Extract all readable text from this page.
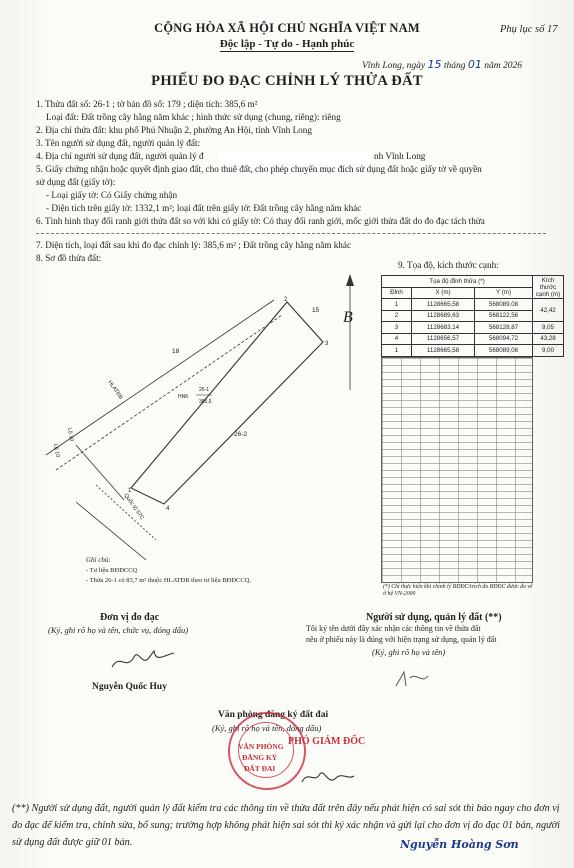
Phụ lục số 17
CỘNG HÒA XÃ HỘI CHỦ NGHĨA VIỆT NAM
Độc lập - Tự do - Hạnh phúc
Vĩnh Long, ngày 15 tháng 01 năm 2026
PHIẾU ĐO ĐẠC CHỈNH LÝ THỬA ĐẤT
1. Thửa đất số: 26-1 ; tờ bản đồ số: 179 ; diện tích: 385,6 m²
Loại đất: Đất trồng cây hằng năm khác ; hình thức sử dụng (chung, riêng): riêng
2. Địa chỉ thửa đất: khu phố Phú Nhuận 2, phường An Hội, tỉnh Vĩnh Long
3. Tên người sử dụng đất, người quản lý đất:
4. Địa chỉ người sử dụng đất, người quản lý đ	nh Vĩnh Long
5. Giấy chứng nhận hoặc quyết định giao đất, cho thuê đất, cho phép chuyển mục đích sử dụng đất hoặc giấy tờ về quyền
sử dụng đất (giấy tờ):
- Loại giấy tờ: Có Giấy chứng nhận
- Diện tích trên giấy tờ: 1332,1 m²; loại đất trên giấy tờ: Đất trồng cây hằng năm khác
6. Tình hình thay đổi ranh giới thửa đất so với khi có giấy tờ: Có thay đổi ranh giới, mốc giới thửa đất do đo đạc tách thửa
7. Diện tích, loại đất sau khi đo đạc chỉnh lý: 385,6 m² ; Đất trồng cây hằng năm khác
8. Sơ đồ thửa đất:
9. Tọa độ, kích thước cạnh:
B
18
15
26-2
HNK
26-1
385,6
2
3
1
4
HLATĐB
Lộ 10
Lộ 10
Quốc lộ 57C
Tọa độ đỉnh thửa (*)			Kích thước cạnh (m)
Đỉnh	X (m)	Y (m)	
1	1128665,58	568089,08	42,42
2	1128689,63	568122,56	
3	1128683,14	568128,87	9,05
4	1128656,57	568094,72	43,28
1	1128665,58	568089,08	9,00
(*) Chỉ thực hiện khi chỉnh lý BĐĐC/trích đo BĐĐC được đo vẽ ở hệ VN-2000
Ghi chú:
- Tư liệu BĐĐCCQ
- Thửa 26-1 có 83,7 m² thuộc HLATĐB theo tư liệu BĐĐCCQ.
Đơn vị đo đạc
(Ký, ghi rõ họ và tên, chức vụ, đóng dấu)
Nguyễn Quốc Huy
Người sử dụng, quản lý đất (**)
Tôi ký tên dưới đây xác nhận các thông tin về thửa đất
nêu ở phiếu này là đúng với hiện trạng sử dụng, quản lý đất
(Ký, ghi rõ họ và tên)
Văn phòng đăng ký đất đai
(Ký, ghi rõ họ và tên, đóng dấu)
PHÓ GIÁM ĐỐC
VĂN PHÒNG
ĐĂNG KÝ
ĐẤT ĐAI
(**) Người sử dụng đất, người quản lý đất kiểm tra các thông tin về thửa đất trên đây nếu phát hiện có sai sót thì báo ngay cho đơn vị đo đạc để kiểm tra, chỉnh sửa, bổ sung; trường hợp không phát hiện sai sót thì ký xác nhận và gửi lại cho đơn vị đo đạc 01 bản, người sử dụng đất được giữ 01 bản.	Nguyễn Hoàng Sơn
